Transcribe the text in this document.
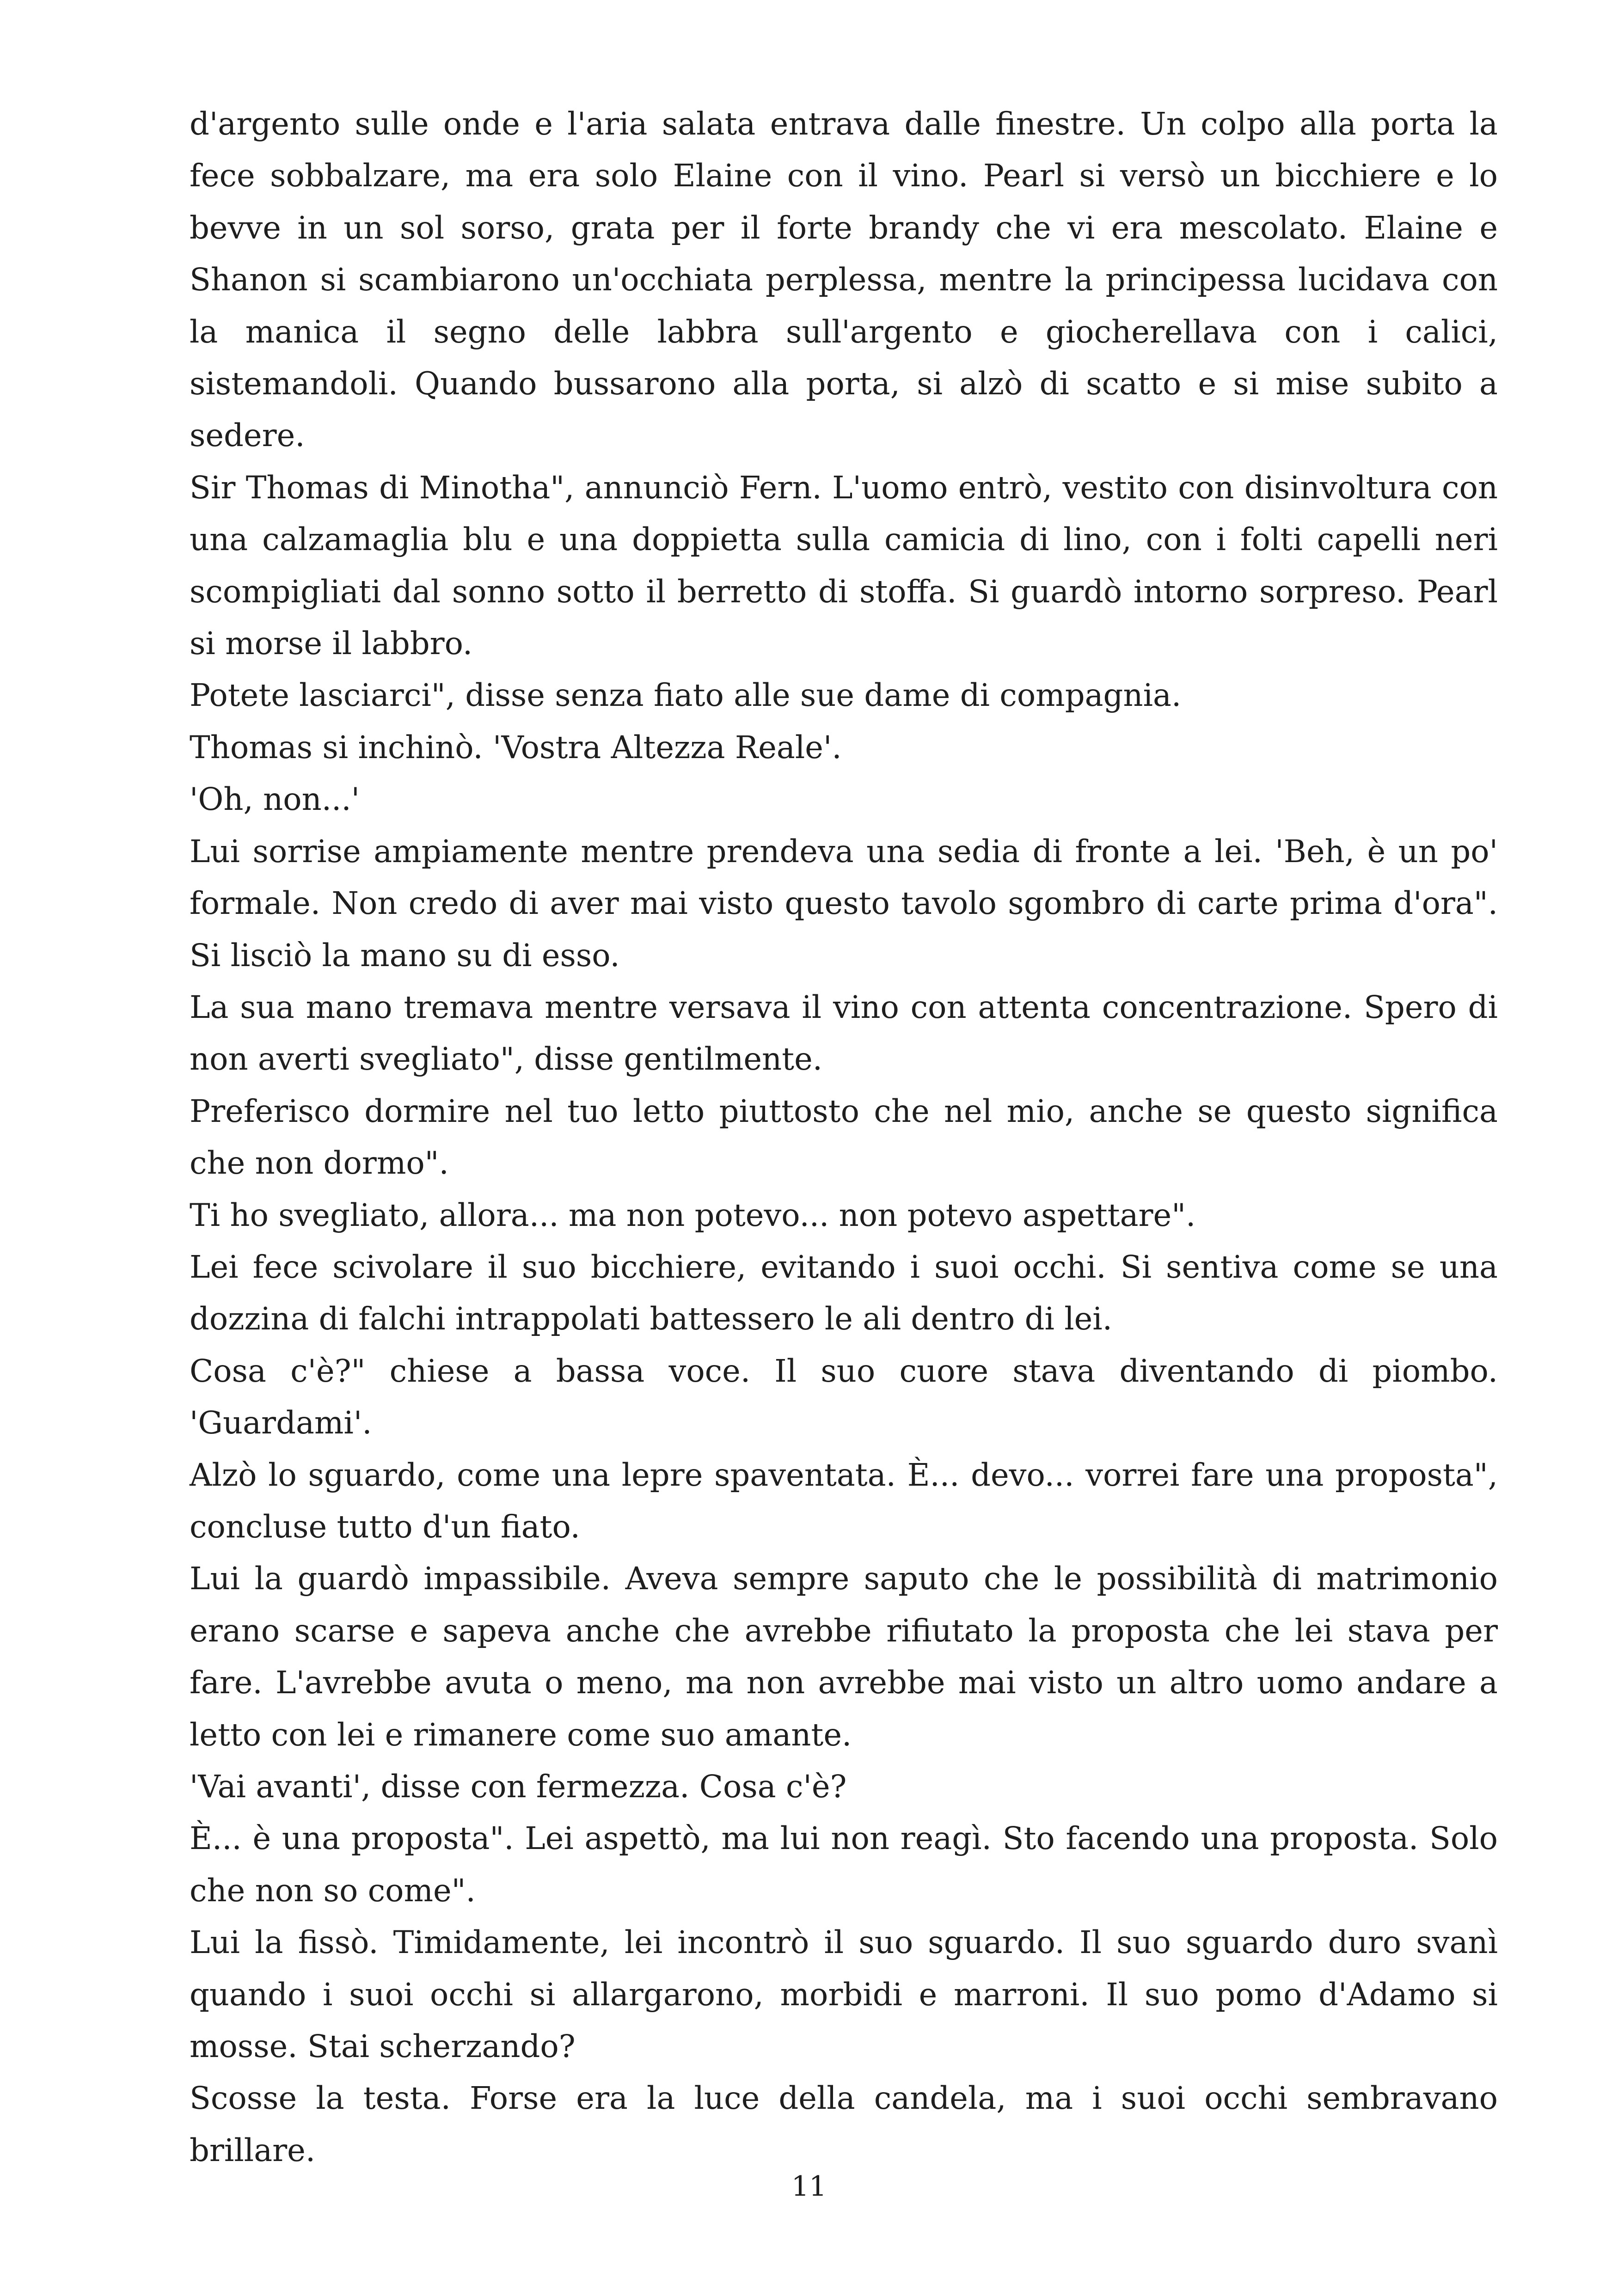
d'argento sulle onde e l'aria salata entrava dalle finestre. Un colpo alla porta la fece sobbalzare, ma era solo Elaine con il vino. Pearl si versò un bicchiere e lo bevve in un sol sorso, grata per il forte brandy che vi era mescolato. Elaine e Shanon si scambiarono un'occhiata perplessa, mentre la principessa lucidava con la manica il segno delle labbra sull'argento e giocherellava con i calici, sistemandoli. Quando bussarono alla porta, si alzò di scatto e si mise subito a sedere.

Sir Thomas di Minotha", annunciò Fern. L'uomo entrò, vestito con disinvoltura con una calzamaglia blu e una doppietta sulla camicia di lino, con i folti capelli neri scompigliati dal sonno sotto il berretto di stoffa. Si guardò intorno sorpreso. Pearl si morse il labbro.

Potete lasciarci", disse senza fiato alle sue dame di compagnia.

Thomas si inchinò. 'Vostra Altezza Reale'.

'Oh, non...'

Lui sorrise ampiamente mentre prendeva una sedia di fronte a lei. 'Beh, è un po' formale. Non credo di aver mai visto questo tavolo sgombro di carte prima d'ora". Si lisciò la mano su di esso.

La sua mano tremava mentre versava il vino con attenta concentrazione. Spero di non averti svegliato", disse gentilmente.

Preferisco dormire nel tuo letto piuttosto che nel mio, anche se questo significa che non dormo".

Ti ho svegliato, allora... ma non potevo... non potevo aspettare".

Lei fece scivolare il suo bicchiere, evitando i suoi occhi. Si sentiva come se una dozzina di falchi intrappolati battessero le ali dentro di lei.

Cosa c'è?" chiese a bassa voce. Il suo cuore stava diventando di piombo. 'Guardami'.

Alzò lo sguardo, come una lepre spaventata. È... devo... vorrei fare una proposta", concluse tutto d'un fiato.

Lui la guardò impassibile. Aveva sempre saputo che le possibilità di matrimonio erano scarse e sapeva anche che avrebbe rifiutato la proposta che lei stava per fare. L'avrebbe avuta o meno, ma non avrebbe mai visto un altro uomo andare a letto con lei e rimanere come suo amante.

'Vai avanti', disse con fermezza. Cosa c'è?

È... è una proposta". Lei aspettò, ma lui non reagì. Sto facendo una proposta. Solo che non so come".

Lui la fissò. Timidamente, lei incontrò il suo sguardo. Il suo sguardo duro svanì quando i suoi occhi si allargarono, morbidi e marroni. Il suo pomo d'Adamo si mosse. Stai scherzando?

Scosse la testa. Forse era la luce della candela, ma i suoi occhi sembravano brillare.

11
